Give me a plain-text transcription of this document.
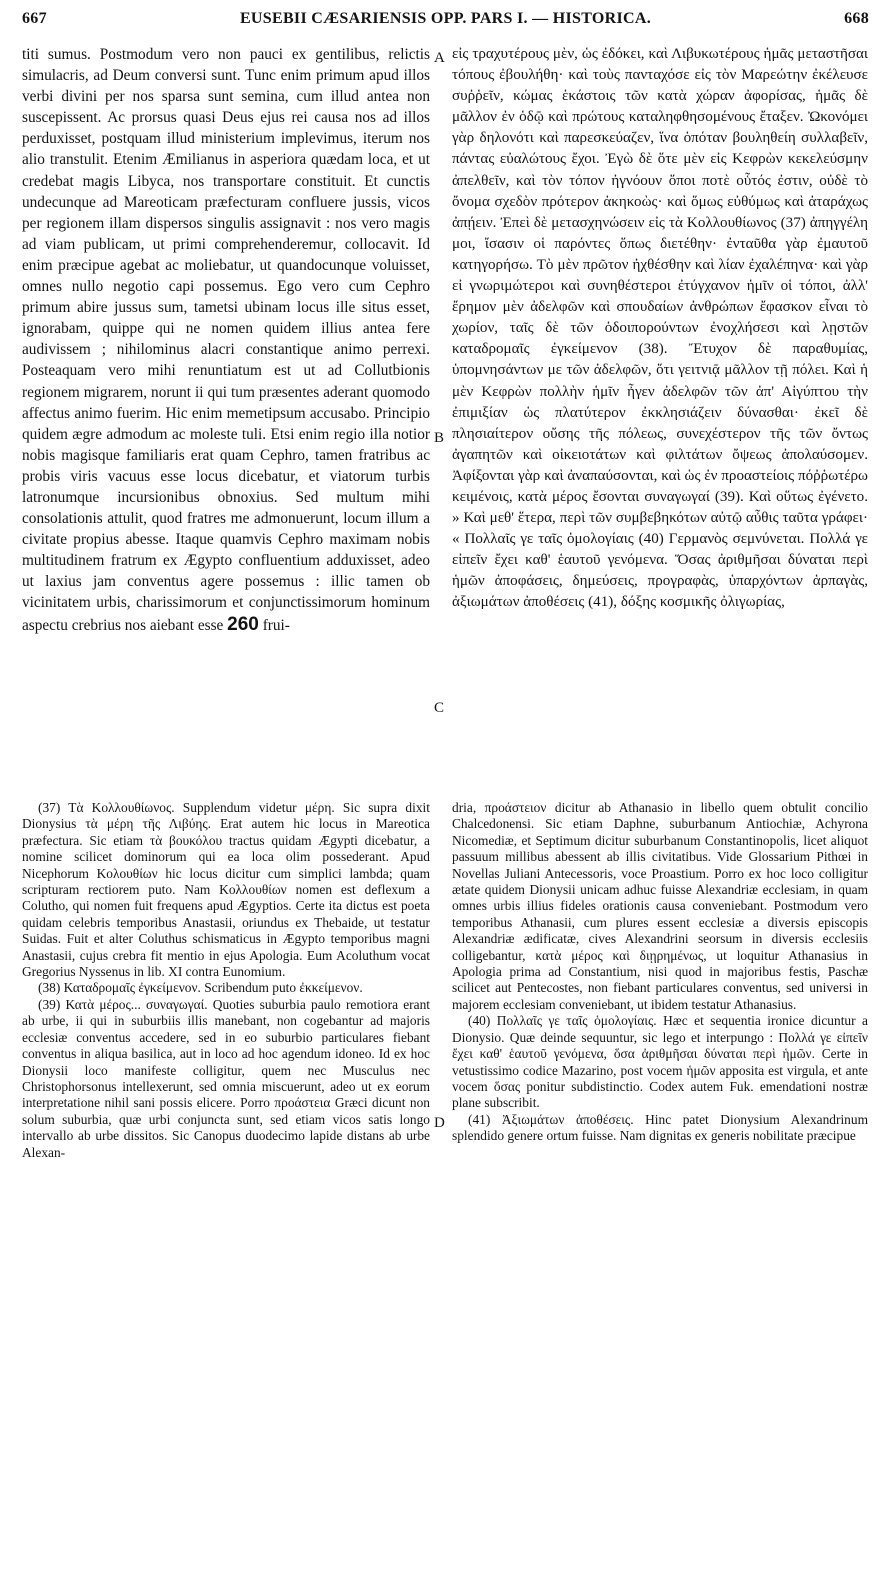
667	EUSEBII CÆSARIENSIS OPP. PARS I. — HISTORICA.	668
A
B
C
D

titi sumus. Postmodum vero non pauci ex gentilibus, relictis simulacris, ad Deum conversi sunt. Tunc enim primum apud illos verbi divini per nos sparsa sunt semina, cum illud antea non suscepissent. Ac prorsus quasi Deus ejus rei causa nos ad illos perduxisset, postquam illud ministerium implevimus, iterum nos alio transtulit. Etenim Æmilianus in asperiora quædam loca, et ut credebat magis Libyca, nos transportare constituit. Et cunctis undecunque ad Mareoticam præfecturam confluere jussis, vicos per regionem illam dispersos singulis assignavit : nos vero magis ad viam publicam, ut primi comprehenderemur, collocavit. Id enim præcipue agebat ac moliebatur, ut quandocunque voluisset, omnes nullo negotio capi possemus. Ego vero cum Cephro primum abire jussus sum, tametsi ubinam locus ille situs esset, ignorabam, quippe qui ne nomen quidem illius antea fere audivissem ; nihilominus alacri constantique animo perrexi. Posteaquam vero mihi renuntiatum est ut ad Collutbionis regionem migrarem, norunt ii qui tum præsentes aderant quomodo affectus animo fuerim. Hic enim memetipsum accusabo. Principio quidem ægre admodum ac moleste tuli. Etsi enim regio illa notior nobis magisque familiaris erat quam Cephro, tamen fratribus ac probis viris vacuus esse locus dicebatur, et viatorum turbis latronumque incursionibus obnoxius. Sed multum mihi consolationis attulit, quod fratres me admonuerunt, locum illum a civitate propius abesse. Itaque quamvis Cephro maximam nobis multitudinem fratrum ex Ægypto confluentium adduxisset, adeo ut laxius jam conventus agere possemus : illic tamen ob vicinitatem urbis, charissimorum et conjunctissimorum hominum aspectu crebrius nos aiebant esse 260 frui-

εἰς τραχυτέρους μὲν, ὡς ἐδόκει, καὶ Λιβυκωτέρους ἡμᾶς μεταστῆσαι τόπους ἐβουλήθη· καὶ τοὺς πανταχόσε εἰς τὸν Μαρεώτην ἐκέλευσε συῤῥεῖν, κώμας ἑκάστοις τῶν κατὰ χώραν ἀφορίσας, ἡμᾶς δὲ μᾶλλον ἐν ὁδῷ καὶ πρώτους καταληφθησομένους ἔταξεν. Ὠκονόμει γὰρ δηλονότι καὶ παρεσκεύαζεν, ἵνα ὁπόταν βουληθείη συλλαβεῖν, πάντας εὐαλώτους ἔχοι. Ἐγὼ δὲ ὅτε μὲν εἰς Κεφρὼν κεκελεύσμην ἀπελθεῖν, καὶ τὸν τόπον ἠγνόουν ὅποι ποτὲ οὗτός ἐστιν, οὐδὲ τὸ ὄνομα σχεδὸν πρότερον ἀκηκοὼς· καὶ ὅμως εὐθύμως καὶ ἀταράχως ἀπῄειν. Ἐπεὶ δὲ μετασχηνώσειν εἰς τὰ Κολλουθίωνος (37) ἀπηγγέλη μοι, ἴσασιν οἱ παρόντες ὅπως διετέθην· ἐνταῦθα γὰρ ἐμαυτοῦ κατηγορήσω. Τὸ μὲν πρῶτον ἠχθέσθην καὶ λίαν ἐχαλέπηνα· καὶ γὰρ εἰ γνωριμώτεροι καὶ συνηθέστεροι ἐτύγχανον ἡμῖν οἱ τόποι, ἀλλ' ἔρημον μὲν ἀδελφῶν καὶ σπουδαίων ἀνθρώπων ἔφασκον εἶναι τὸ χωρίον, ταῖς δὲ τῶν ὁδοιπορούντων ἐνοχλήσεσι καὶ λῃστῶν καταδρομαῖς ἐγκείμενον (38). Ἔτυχον δὲ παραθυμίας, ὑπομνησάντων με τῶν ἀδελφῶν, ὅτι γειτνιᾷ μᾶλλον τῇ πόλει. Καὶ ἡ μὲν Κεφρὼν πολλὴν ἡμῖν ἦγεν ἀδελφῶν τῶν ἀπ' Αἰγύπτου τὴν ἐπιμιξίαν ὡς πλατύτερον ἐκκλησιάζειν δύνασθαι· ἐκεῖ δὲ πλησιαίτερον οὔσης τῆς πόλεως, συνεχέστερον τῆς τῶν ὄντως ἀγαπητῶν καὶ οἰκειοτάτων καὶ φιλτάτων ὄψεως ἀπολαύσομεν. Ἀφίξονται γὰρ καὶ ἀναπαύσονται, καὶ ὡς ἐν προαστείοις πόῤῥωτέρω κειμένοις, κατὰ μέρος ἔσονται συναγωγαί (39). Καὶ οὕτως ἐγένετο. » Καὶ μεθ' ἕτερα, περὶ τῶν συμβεβηκότων αὐτῷ αὖθις ταῦτα γράφει· « Πολλαῖς γε ταῖς ὁμολογίαις (40) Γερμανὸς σεμνύνεται. Πολλά γε εἰπεῖν ἔχει καθ' ἑαυτοῦ γενόμενα. Ὅσας ἀριθμῆσαι δύναται περὶ ἡμῶν ἀποφάσεις, δημεύσεις, προγραφὰς, ὑπαρχόντων ἁρπαγὰς, ἀξιωμάτων ἀποθέσεις (41), δόξης κοσμικῆς ὀλιγωρίας,

(37) Τὰ Κολλουθίωνος. Supplendum videtur μέρη. Sic supra dixit Dionysius τὰ μέρη τῆς Λιβύης. Erat autem hic locus in Mareotica præfectura. Sic etiam τὰ βουκόλου tractus quidam Ægypti dicebatur, a nomine scilicet dominorum qui ea loca olim possederant. Apud Nicephorum Κολουθίων hic locus dicitur cum simplici lambda; quam scripturam rectiorem puto. Nam Κολλουθίων nomen est deflexum a Coluthо, qui nomen fuit frequens apud Ægyptios. Certe ita dictus est poeta quidam celebris temporibus Anastasii, oriundus ex Thebaide, ut testatur Suidas. Fuit et alter Coluthus schismaticus in Ægypto temporibus magni Anastasii, cujus crebra fit mentio in ejus Apologia. Eum Acoluthum vocat Gregorius Nyssenus in lib. XI contra Eunomium.

(38) Καταδρομαῖς ἐγκείμενον. Scribendum puto ἐκκείμενον.

(39) Κατὰ μέρος... συναγωγαί. Quoties suburbia paulo remotiora erant ab urbe, ii qui in suburbiis illis manebant, non cogebantur ad majoris ecclesiæ conventus accedere, sed in eo suburbio particulares fiebant conventus in aliqua basilica, aut in loco ad hoc agendum idoneo. Id ex hoc Dionysii loco manifeste colligitur, quem nec Musculus nec Christophorsonus intellexerunt, sed omnia miscuerunt, adeo ut ex eorum interpretatione nihil sani possis elicere. Porro προάστεια Græci dicunt non solum suburbia, quæ urbi conjuncta sunt, sed etiam vicos satis longo intervallo ab urbe dissitos. Sic Canopus duodecimo lapide distans ab urbe Alexan-

dria, προάστειον dicitur ab Athanasio in libello quem obtulit concilio Chalcedonensi. Sic etiam Daphne, suburbanum Antiochiæ, Achyrona Nicomediæ, et Septimum dicitur suburbanum Constantinopolis, licet aliquot passuum millibus abessent ab illis civitatibus. Vide Glossarium Pithœi in Novellas Juliani Antecessoris, voce Proastium. Porro ex hoc loco colligitur ætate quidem Dionysii unicam adhuc fuisse Alexandriæ ecclesiam, in quam omnes urbis illius fideles orationis causa conveniebant. Postmodum vero temporibus Athanasii, cum plures essent ecclesiæ a diversis episcopis Alexandriæ ædificatæ, cives Alexandrini seorsum in diversis ecclesiis colligebantur, κατὰ μέρος καὶ διῃρημένως, ut loquitur Athanasius in Apologia prima ad Constantium, nisi quod in majoribus festis, Paschæ scilicet aut Pentecostes, non fiebant particulares conventus, sed universi in majorem ecclesiam conveniebant, ut ibidem testatur Athanasius.

(40) Πολλαῖς γε ταῖς ὁμολογίαις. Hæc et sequentia ironice dicuntur a Dionysio. Quæ deinde sequuntur, sic lego et interpungo : Πολλά γε εἰπεῖν ἔχει καθ' ἑαυτοῦ γενόμενα, ὅσα ἀριθμῆσαι δύναται περὶ ἡμῶν. Certe in vetustissimo codice Mazarino, post vocem ἡμῶν apposita est virgula, et ante vocem ὅσας ponitur subdistinctio. Codex autem Fuk. emendationi nostræ plane subscribit.

(41) Ἀξιωμάτων ἀποθέσεις. Hinc patet Dionysium Alexandrinum splendido genere ortum fuisse. Nam dignitas ex generis nobilitate præcipue
